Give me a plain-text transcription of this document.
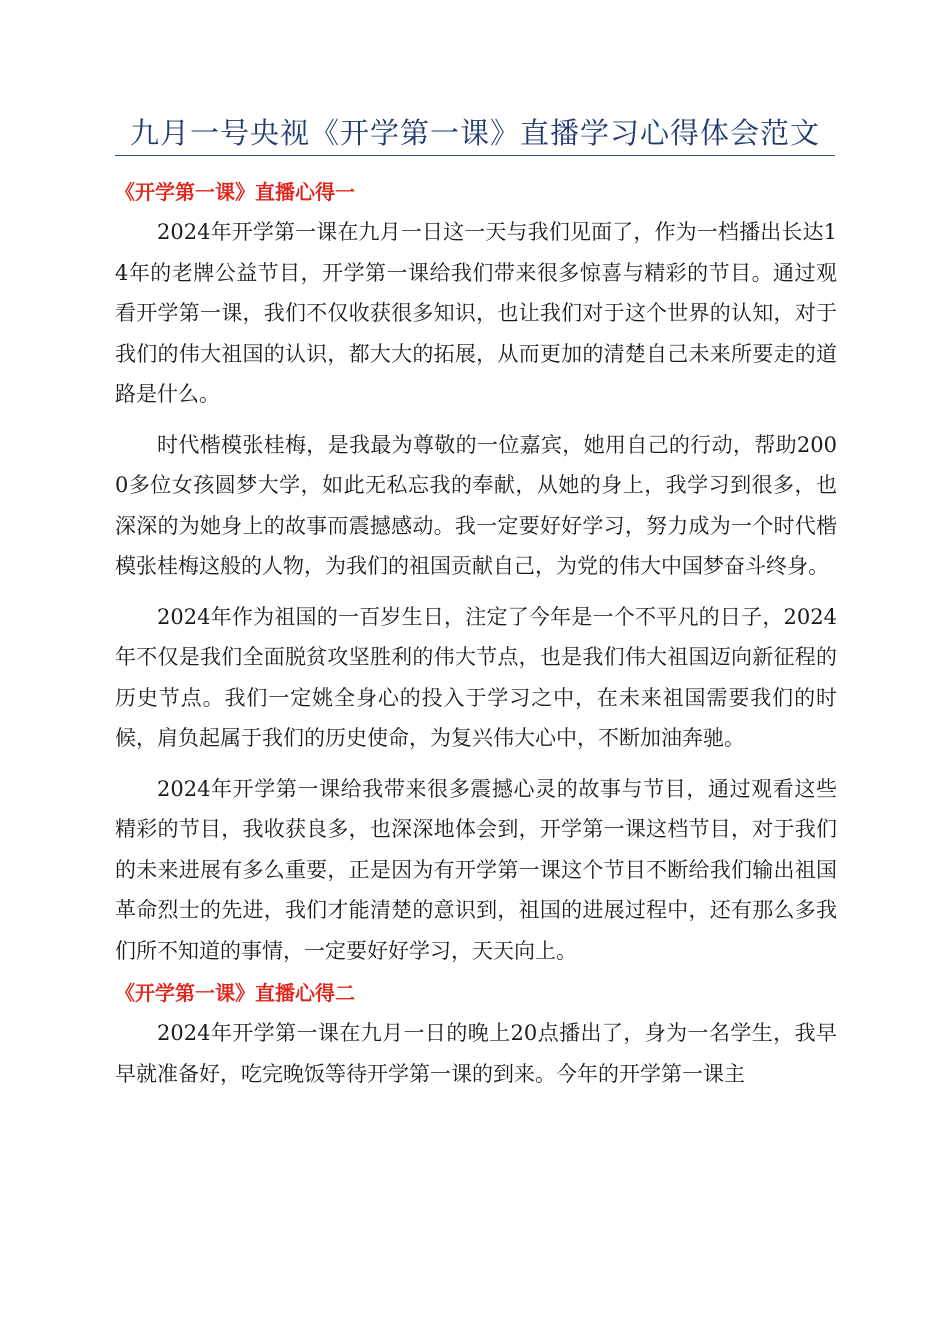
九月一号央视《开学第一课》直播学习心得体会范文
《开学第一课》直播心得一

2024年开学第一课在九月一日这一天与我们见面了，作为一档播出长达14年的老牌公益节目，开学第一课给我们带来很多惊喜与精彩的节目。通过观看开学第一课，我们不仅收获很多知识，也让我们对于这个世界的认知，对于我们的伟大祖国的认识，都大大的拓展，从而更加的清楚自己未来所要走的道路是什么。

时代楷模张桂梅，是我最为尊敬的一位嘉宾，她用自己的行动，帮助2000多位女孩圆梦大学，如此无私忘我的奉献，从她的身上，我学习到很多，也深深的为她身上的故事而震撼感动。我一定要好好学习，努力成为一个时代楷模张桂梅这般的人物，为我们的祖国贡献自己，为党的伟大中国梦奋斗终身。

2024年作为祖国的一百岁生日，注定了今年是一个不平凡的日子，2024年不仅是我们全面脱贫攻坚胜利的伟大节点，也是我们伟大祖国迈向新征程的历史节点。我们一定姚全身心的投入于学习之中，在未来祖国需要我们的时候，肩负起属于我们的历史使命，为复兴伟大心中，不断加油奔驰。

2024年开学第一课给我带来很多震撼心灵的故事与节目，通过观看这些精彩的节目，我收获良多，也深深地体会到，开学第一课这档节目，对于我们的未来进展有多么重要，正是因为有开学第一课这个节目不断给我们输出祖国革命烈士的先进，我们才能清楚的意识到，祖国的进展过程中，还有那么多我们所不知道的事情，一定要好好学习，天天向上。

《开学第一课》直播心得二

2024年开学第一课在九月一日的晚上20点播出了，身为一名学生，我早早就准备好，吃完晚饭等待开学第一课的到来。今年的开学第一课主
